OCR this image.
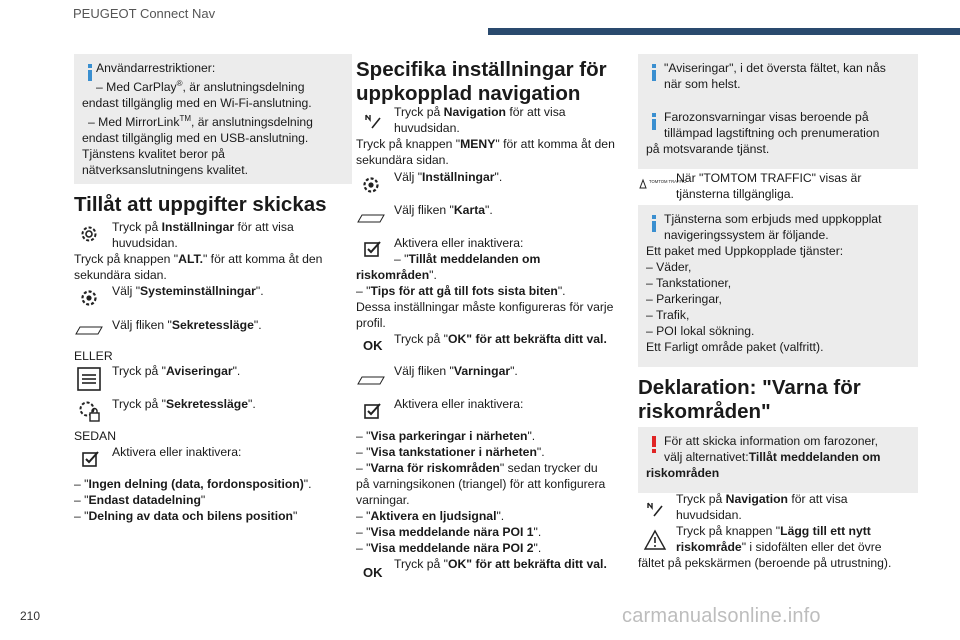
PEUGEOT Connect Nav
210	carmanualsonline.info
Användarrestriktioner:
– Med CarPlay®, är anslutningsdelning
endast tillgänglig med en Wi-Fi-anslutning.
– Med MirrorLink™, är anslutningsdelning
endast tillgänglig med en USB-anslutning.
Tjänstens kvalitet beror på
nätverksanslutningens kvalitet.
Tillåt att uppgifter skickas
Tryck på Inställningar för att visa
huvudsidan.
Tryck på knappen "ALT." för att komma åt den
sekundära sidan.
Välj "Systeminställningar".
Välj fliken "Sekretessläge".
ELLER
Tryck på "Aviseringar".
Tryck på "Sekretessläge".
SEDAN
Aktivera eller inaktivera:
– "Ingen delning (data, fordonsposition)".
– "Endast datadelning"
– "Delning av data och bilens position"
Specifika inställningar för
uppkopplad navigation
Tryck på Navigation för att visa
huvudsidan.
Tryck på knappen "MENY" för att komma åt den
sekundära sidan.
Välj "Inställningar".
Välj fliken "Karta".
Aktivera eller inaktivera:
– "Tillåt meddelanden om
riskområden".
– "Tips för att gå till fots sista biten".
Dessa inställningar måste konfigureras för varje
profil.
OK Tryck på "OK" för att bekräfta ditt val.
Välj fliken "Varningar".
Aktivera eller inaktivera:
– "Visa parkeringar i närheten".
– "Visa tankstationer i närheten".
– "Varna för riskområden" sedan trycker du
på varningsikonen (triangel) för att konfigurera
varningar.
– "Aktivera en ljudsignal".
– "Visa meddelande nära POI 1".
– "Visa meddelande nära POI 2".
OK
Tryck på "OK" för att bekräfta ditt val.
"Aviseringar", i det översta fältet, kan nås
när som helst.
Farozonsvarningar visas beroende på
tillämpad lagstiftning och prenumeration
på motsvarande tjänst.
TOMTOM TRAFFIC
När "TOMTOM TRAFFIC" visas är
tjänsterna tillgängliga.
Tjänsterna som erbjuds med uppkopplat
navigeringssystem är följande.
Ett paket med Uppkopplade tjänster:
– Väder,
– Tankstationer,
– Parkeringar,
– Trafik,
– POI lokal sökning.
Ett Farligt område paket (valfritt).
Deklaration: "Varna för
riskområden"
För att skicka information om farozoner,
välj alternativet:Tillåt meddelanden om
riskområden
Tryck på Navigation för att visa
huvudsidan.
Tryck på knappen "Lägg till ett nytt
riskområde" i sidofälten eller det övre
fältet på pekskärmen (beroende på utrustning).
